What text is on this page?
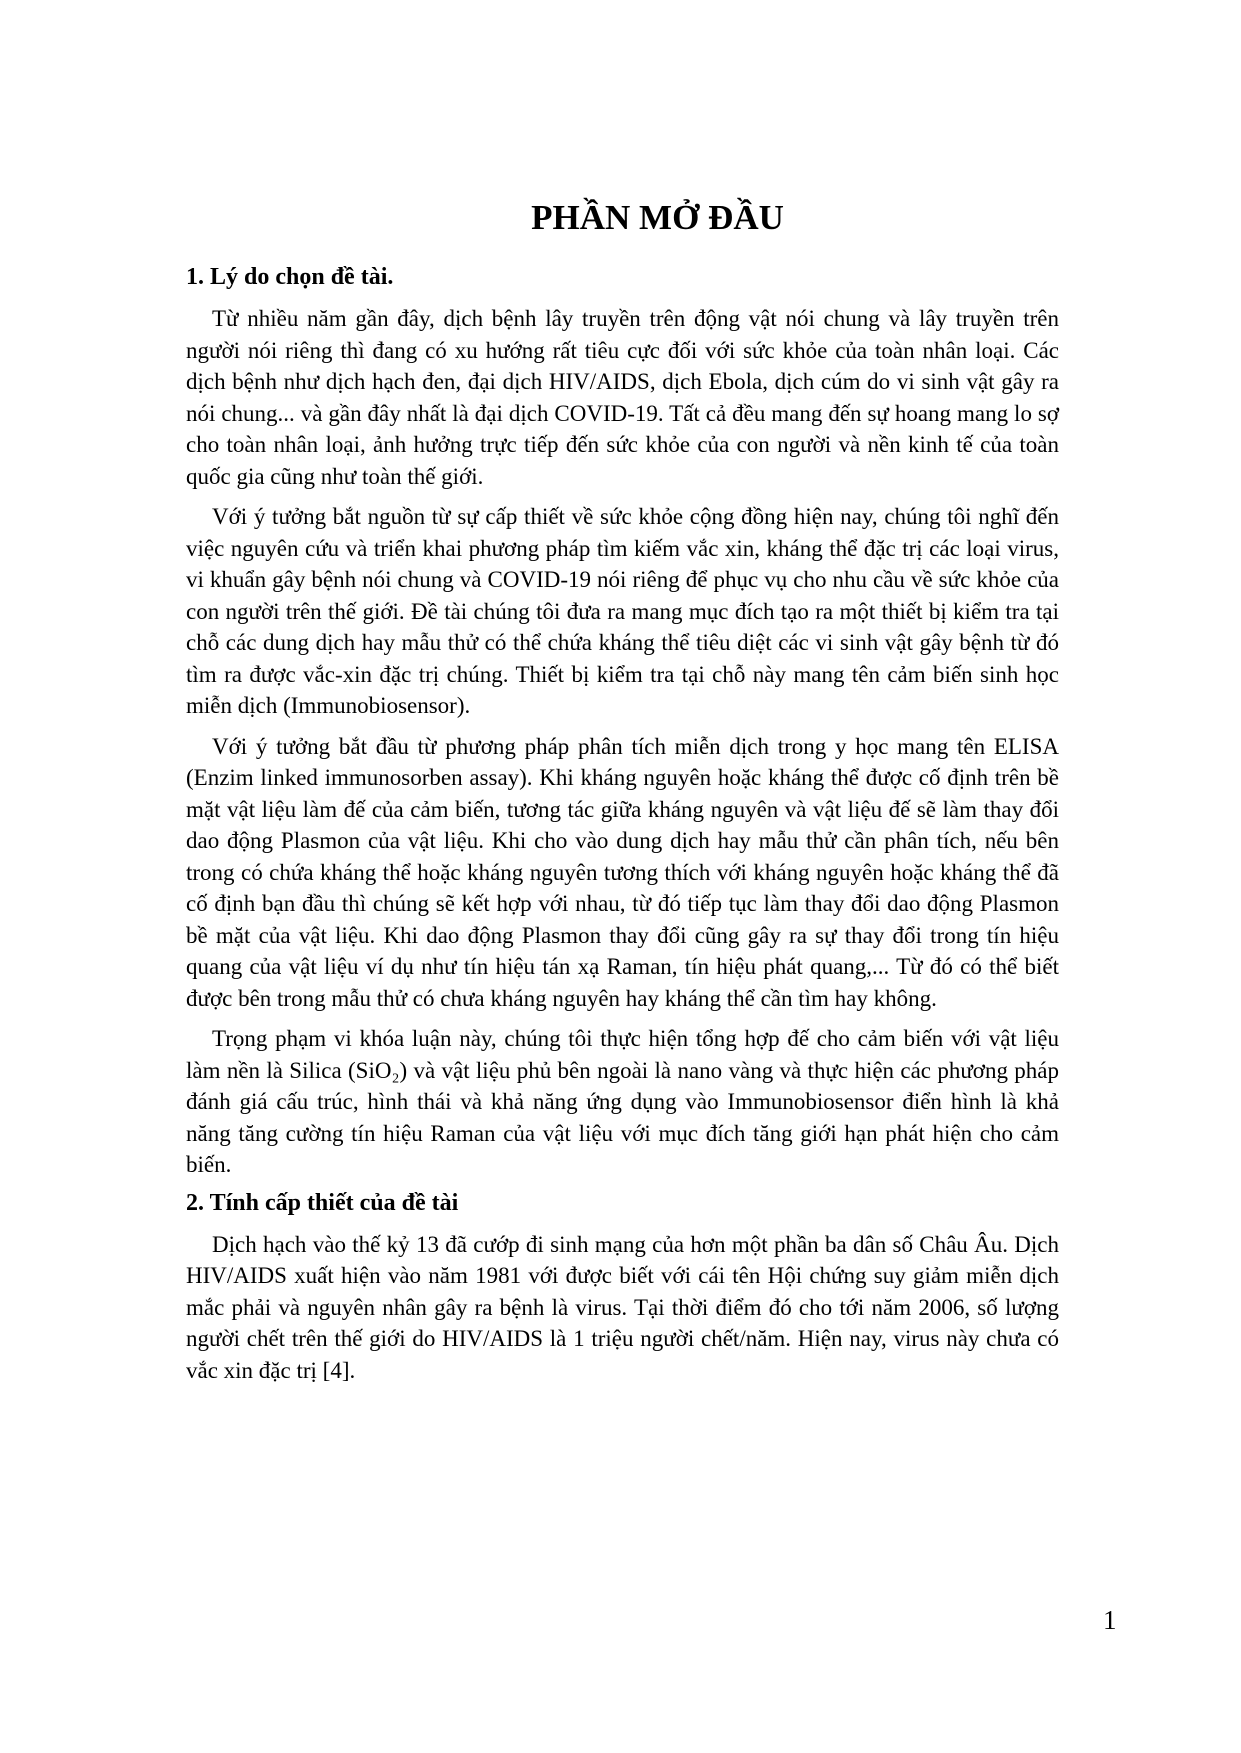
PHẦN MỞ ĐẦU
1. Lý do chọn đề tài.

Từ nhiều năm gần đây, dịch bệnh lây truyền trên động vật nói chung và lây truyền trên người nói riêng thì đang có xu hướng rất tiêu cực đối với sức khỏe của toàn nhân loại. Các dịch bệnh như dịch hạch đen, đại dịch HIV/AIDS, dịch Ebola, dịch cúm do vi sinh vật gây ra nói chung... và gần đây nhất là đại dịch COVID-19. Tất cả đều mang đến sự hoang mang lo sợ cho toàn nhân loại, ảnh hưởng trực tiếp đến sức khỏe của con người và nền kinh tế của toàn quốc gia cũng như toàn thế giới.

Với ý tưởng bắt nguồn từ sự cấp thiết về sức khỏe cộng đồng hiện nay, chúng tôi nghĩ đến việc nguyên cứu và triển khai phương pháp tìm kiếm vắc xin, kháng thể đặc trị các loại virus, vi khuẩn gây bệnh nói chung và COVID-19 nói riêng để phục vụ cho nhu cầu về sức khỏe của con người trên thế giới. Đề tài chúng tôi đưa ra mang mục đích tạo ra một thiết bị kiểm tra tại chỗ các dung dịch hay mẫu thử có thể chứa kháng thể tiêu diệt các vi sinh vật gây bệnh từ đó tìm ra được vắc-xin đặc trị chúng. Thiết bị kiểm tra tại chỗ này mang tên cảm biến sinh học miễn dịch (Immunobiosensor).

Với ý tưởng bắt đầu từ phương pháp phân tích miễn dịch trong y học mang tên ELISA (Enzim linked immunosorben assay). Khi kháng nguyên hoặc kháng thể được cố định trên bề mặt vật liệu làm đế của cảm biến, tương tác giữa kháng nguyên và vật liệu đế sẽ làm thay đổi dao động Plasmon của vật liệu. Khi cho vào dung dịch hay mẫu thử cần phân tích, nếu bên trong có chứa kháng thể hoặc kháng nguyên tương thích với kháng nguyên hoặc kháng thể đã cố định bạn đầu thì chúng sẽ kết hợp với nhau, từ đó tiếp tục làm thay đổi dao động Plasmon bề mặt của vật liệu. Khi dao động Plasmon thay đổi cũng gây ra sự thay đổi trong tín hiệu quang của vật liệu ví dụ như tín hiệu tán xạ Raman, tín hiệu phát quang,... Từ đó có thể biết được bên trong mẫu thử có chưa kháng nguyên hay kháng thể cần tìm hay không.

Trọng phạm vi khóa luận này, chúng tôi thực hiện tổng hợp đế cho cảm biến với vật liệu làm nền là Silica (SiO₂) và vật liệu phủ bên ngoài là nano vàng và thực hiện các phương pháp đánh giá cấu trúc, hình thái và khả năng ứng dụng vào Immunobiosensor điển hình là khả năng tăng cường tín hiệu Raman của vật liệu với mục đích tăng giới hạn phát hiện cho cảm biến.

2. Tính cấp thiết của đề tài

Dịch hạch vào thế kỷ 13 đã cướp đi sinh mạng của hơn một phần ba dân số Châu Âu. Dịch HIV/AIDS xuất hiện vào năm 1981 với được biết với cái tên Hội chứng suy giảm miễn dịch mắc phải và nguyên nhân gây ra bệnh là virus. Tại thời điểm đó cho tới năm 2006, số lượng người chết trên thế giới do HIV/AIDS là 1 triệu người chết/năm. Hiện nay, virus này chưa có vắc xin đặc trị [4].

1
